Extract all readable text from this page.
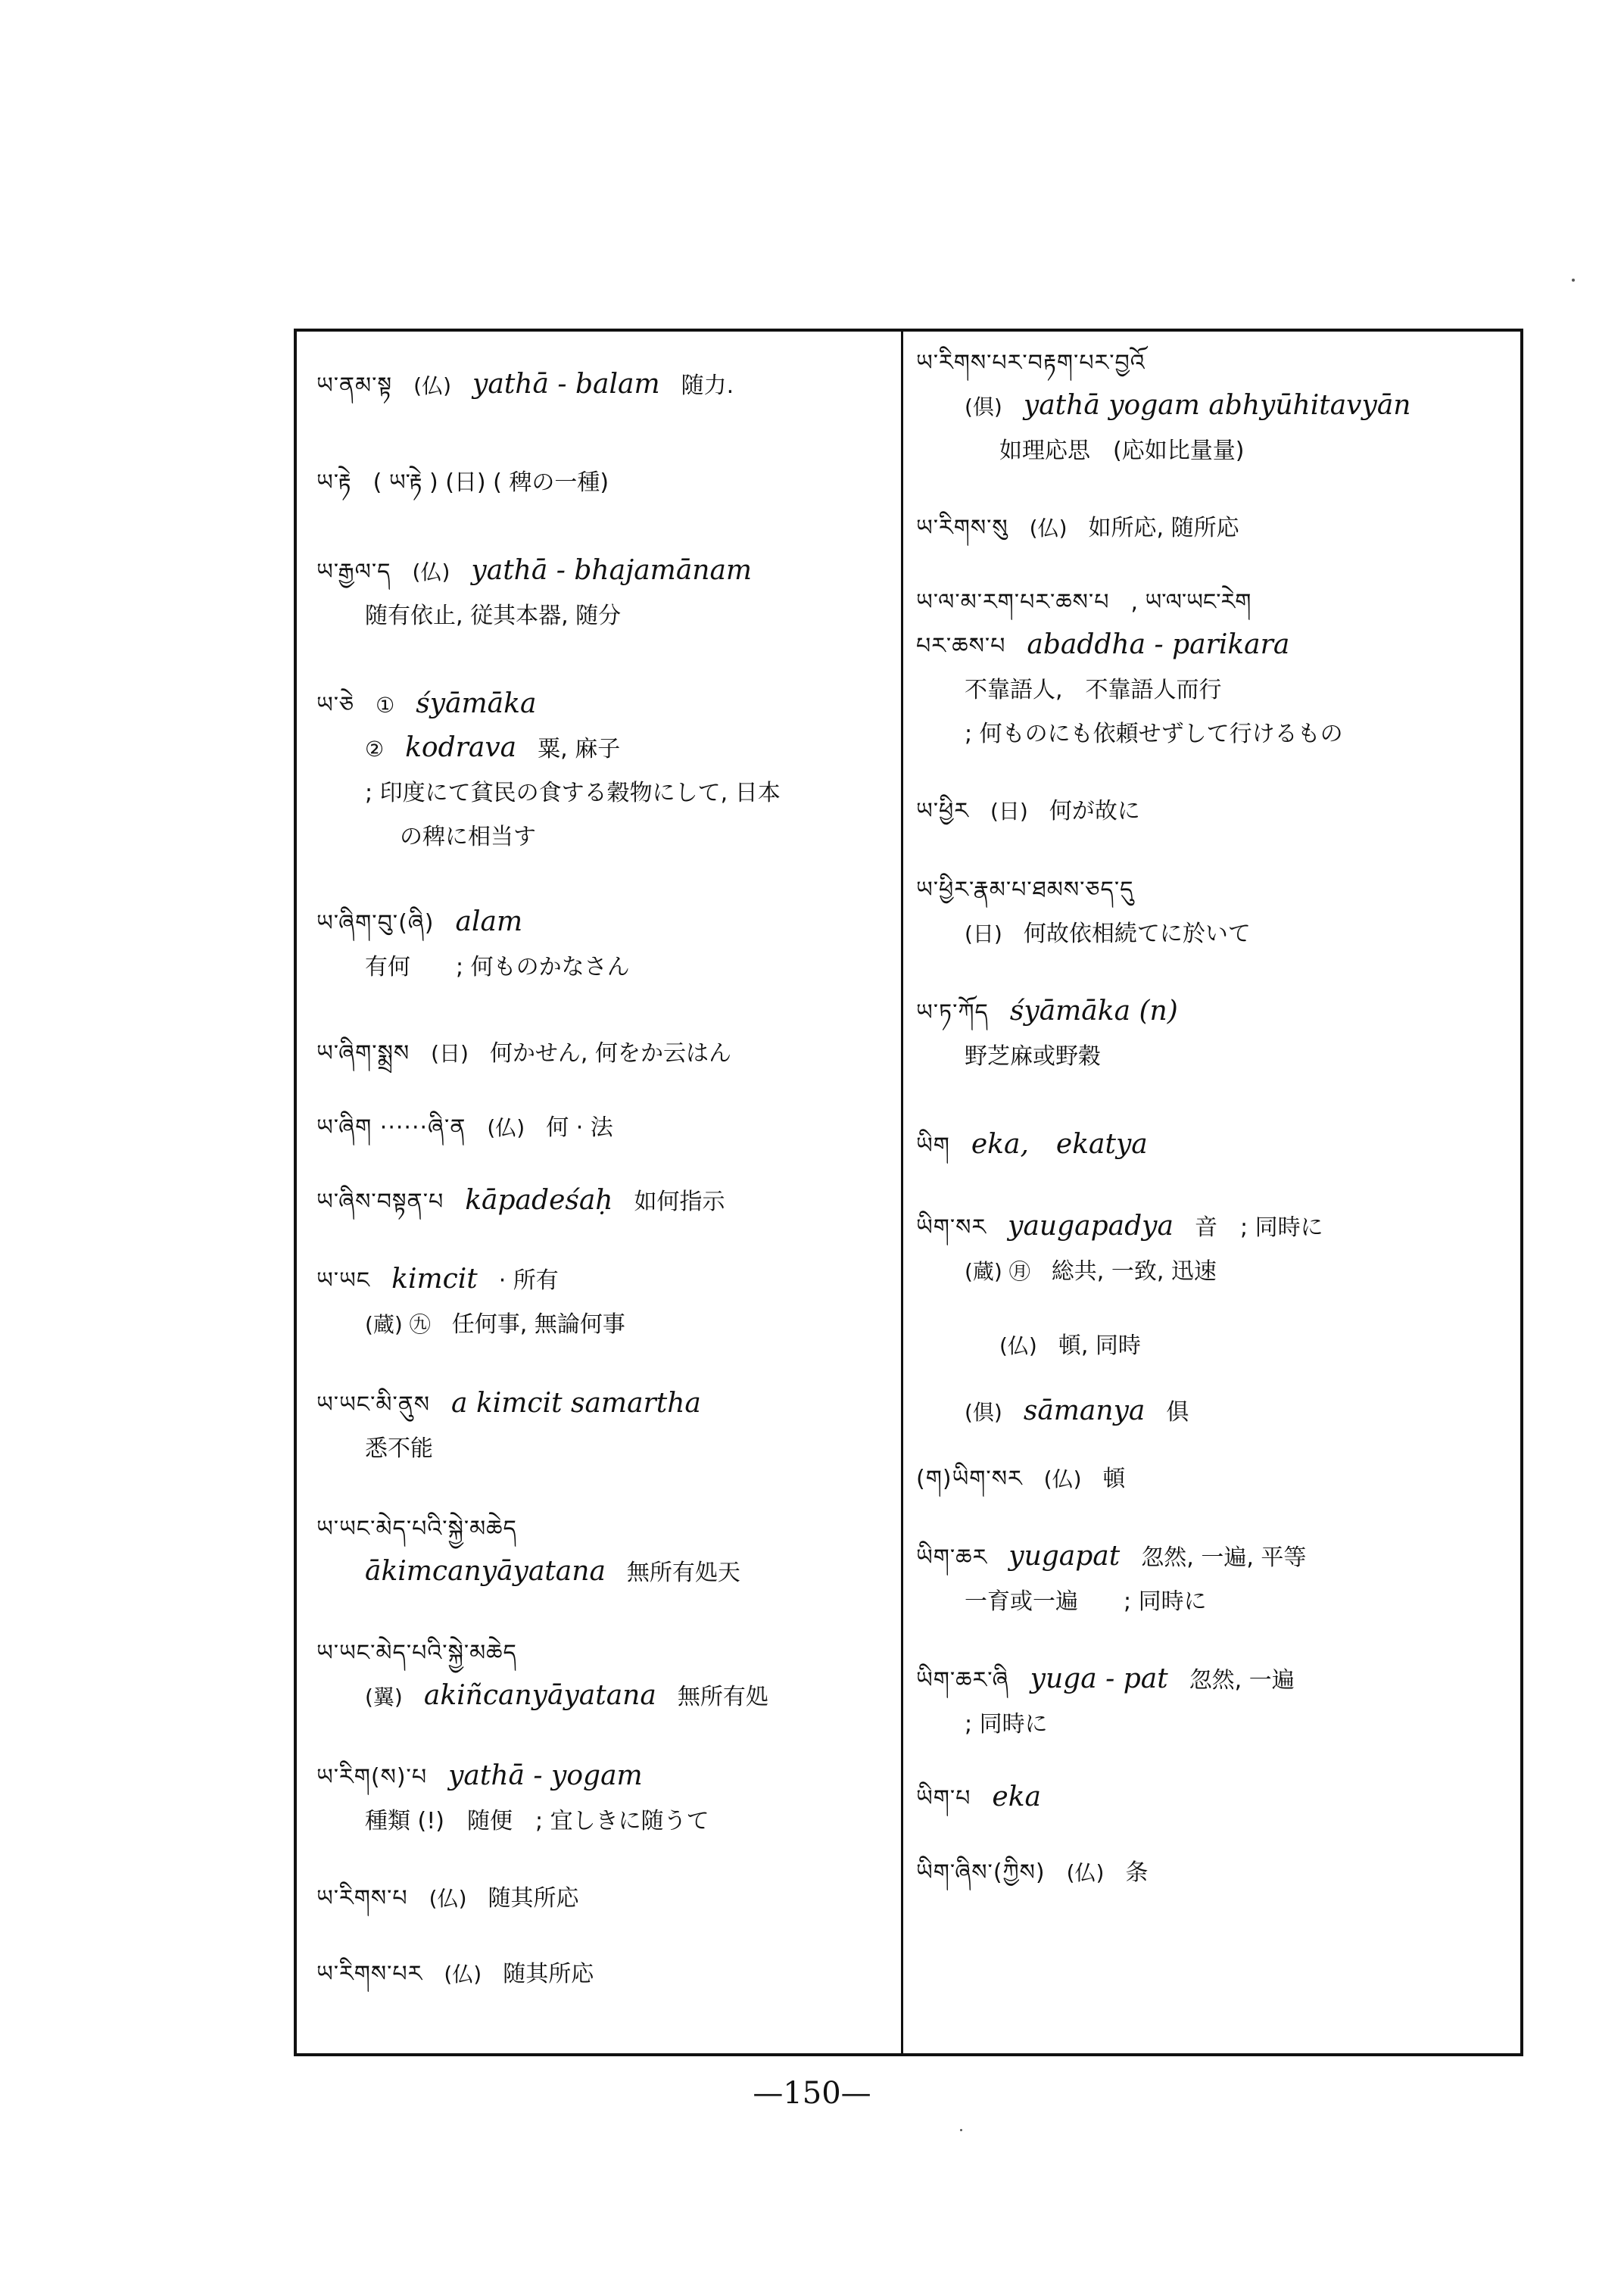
ཡ་ནམ་སྟ (仏) yathā - balam 随力.
ཡ་རྟེ ( ཡ་རྟེ ) (日) ( 稗の一種)
ཡ་རྒྱལ་ད (仏) yathā - bhajamānam
随有依止, 従其本器, 随分
ཡ་ཅེ ① śyāmāka
② kodrava 粟, 麻子
; 印度にて貧民の食する穀物にして, 日本
の稗に相当す
ཡ་ཞིག་བུ་(ཞི) alam
有何　　; 何ものかなさん
ཡ་ཞིག་སྨྲས (日) 何かせん, 何をか云はん
ཡ་ཞིག ······ཞི་ན (仏) 何 · 法
ཡ་ཞིས་བསྟན་པ kāpadeśaḥ 如何指示
ཡ་ཡང kimcit · 所有
(蔵) ㊈ 任何事, 無論何事
ཡ་ཡང་མི་ནུས a kimcit samartha
悉不能
ཡ་ཡང་མེད་པའི་སྐྱེ་མཆེད
ākimcanyāyatana 無所有処天
ཡ་ཡང་མེད་པའི་སྐྱེ་མཆེད
(翼) akiñcanyāyatana 無所有処
ཡ་རིག(ས)་པ yathā - yogam
種類 (!)　随便　; 宜しきに随うて
ཡ་རིགས་པ (仏) 随其所応
ཡ་རིགས་པར (仏) 随其所応
ཡ་རིགས་པར་བརྟག་པར་བྱའོ
(倶) yathā yogam abhyūhitavyān
如理応思　(応如比量量)
ཡ་རིགས་སུ (仏) 如所応, 随所応
ཡ་ལ་མ་རག་པར་ཆས་པ , ཡ་ལ་ཡང་རེག
པར་ཆས་པ abaddha - parikara
不靠語人,　不靠語人而行
; 何ものにも依頼せずして行けるもの
ཡ་ཕྱིར (日) 何が故に
ཡ་ཕྱིར་རྣམ་པ་ཐམས་ཅད་དུ
(日) 何故依相続てに於いて
ཡ་ཏ་ཀོད śyāmāka (n)
野芝麻或野穀
ཡིག eka,　ekatya
ཡིག་སར yaugapadya 音　; 同時に
(蔵) ㊊ 総共, 一致, 迅速
(仏) 頓, 同時
(倶) sāmanya 俱
(ག)ཡིག་སར (仏) 頓
ཡིག་ཆར yugapat 忽然, 一遍, 平等
一育或一遍　　; 同時に
ཡིག་ཆར་ཞི yuga - pat 忽然, 一遍
; 同時に
ཡིག་པ eka
ཡིག་ཞིས་(ཀྱིས) (仏) 条
—150—
